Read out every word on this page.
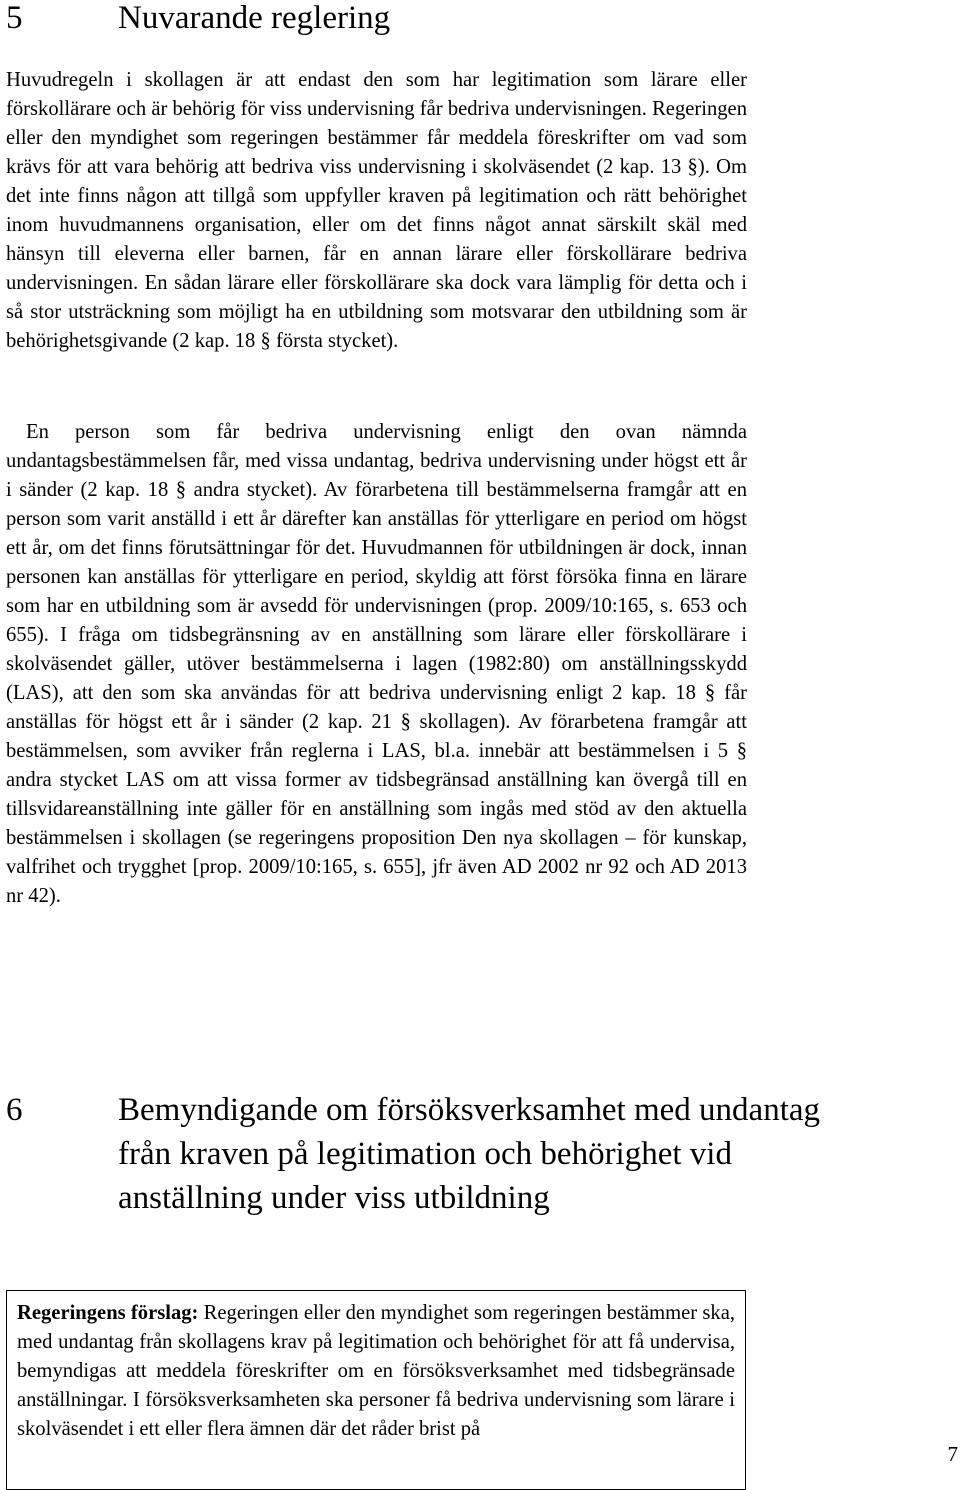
5	Nuvarande reglering

Huvudregeln i skollagen är att endast den som har legitimation som lärare eller förskollärare och är behörig för viss undervisning får bedriva undervisningen. Regeringen eller den myndighet som regeringen bestämmer får meddela föreskrifter om vad som krävs för att vara behörig att bedriva viss undervisning i skolväsendet (2 kap. 13 §). Om det inte finns någon att tillgå som uppfyller kraven på legitimation och rätt behörighet inom huvudmannens organisation, eller om det finns något annat särskilt skäl med hänsyn till eleverna eller barnen, får en annan lärare eller förskollärare bedriva undervisningen. En sådan lärare eller förskollärare ska dock vara lämplig för detta och i så stor utsträckning som möjligt ha en utbildning som motsvarar den utbildning som är behörighetsgivande (2 kap. 18 § första stycket).

En person som får bedriva undervisning enligt den ovan nämnda undantagsbestämmelsen får, med vissa undantag, bedriva undervisning under högst ett år i sänder (2 kap. 18 § andra stycket). Av förarbetena till bestämmelserna framgår att en person som varit anställd i ett år därefter kan anställas för ytterligare en period om högst ett år, om det finns förutsättningar för det. Huvudmannen för utbildningen är dock, innan personen kan anställas för ytterligare en period, skyldig att först försöka finna en lärare som har en utbildning som är avsedd för undervisningen (prop. 2009/10:165, s. 653 och 655). I fråga om tidsbegränsning av en anställning som lärare eller förskollärare i skolväsendet gäller, utöver bestämmelserna i lagen (1982:80) om anställningsskydd (LAS), att den som ska användas för att bedriva undervisning enligt 2 kap. 18 § får anställas för högst ett år i sänder (2 kap. 21 § skollagen). Av förarbetena framgår att bestämmelsen, som avviker från reglerna i LAS, bl.a. innebär att bestämmelsen i 5 § andra stycket LAS om att vissa former av tidsbegränsad anställning kan övergå till en tillsvidareanställning inte gäller för en anställning som ingås med stöd av den aktuella bestämmelsen i skollagen (se regeringens proposition Den nya skollagen – för kunskap, valfrihet och trygghet [prop. 2009/10:165, s. 655], jfr även AD 2002 nr 92 och AD 2013 nr 42).

6	Bemyndigande om försöksverksamhet med undantag från kraven på legitimation och behörighet vid anställning under viss utbildning

Regeringens förslag: Regeringen eller den myndighet som regeringen bestämmer ska, med undantag från skollagens krav på legitimation och behörighet för att få undervisa, bemyndigas att meddela föreskrifter om en försöksverksamhet med tidsbegränsade anställningar. I försöksverksamheten ska personer få bedriva undervisning som lärare i skolväsendet i ett eller flera ämnen där det råder brist på

7
